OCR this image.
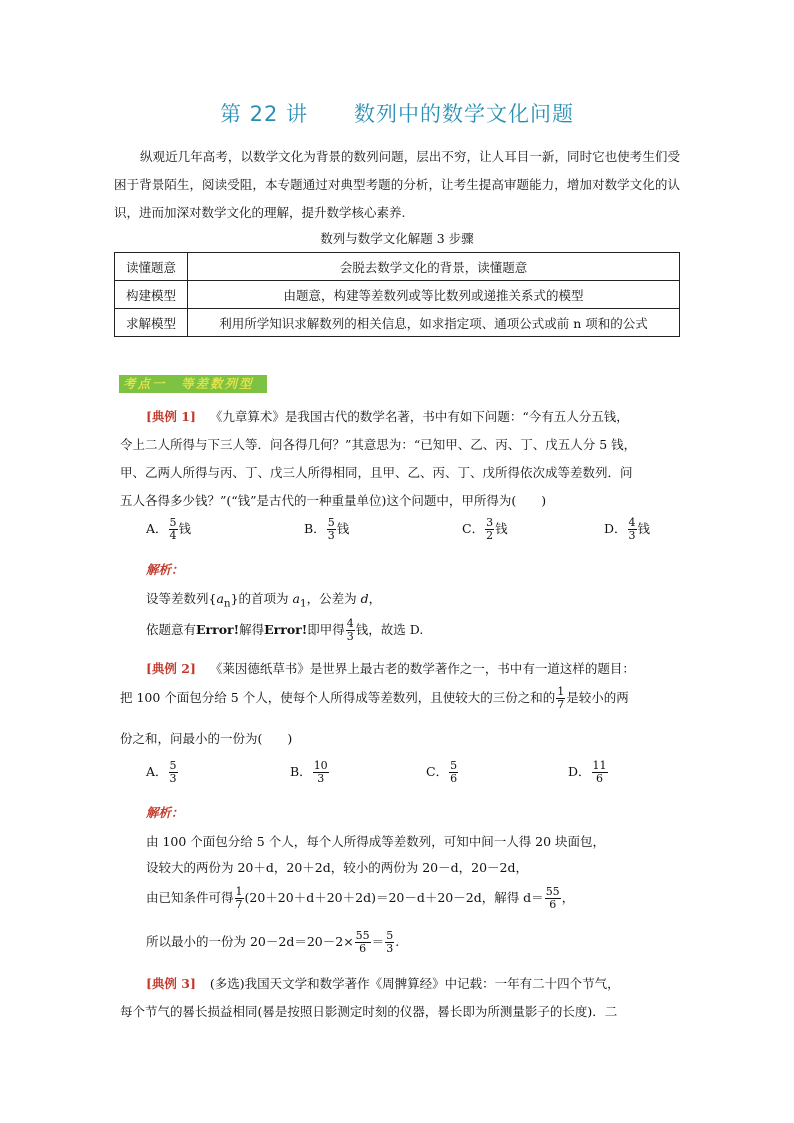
第 22 讲 数列中的数学文化问题
纵观近几年高考，以数学文化为背景的数列问题，层出不穷，让人耳目一新，同时它也使考生们受困于背景陌生，阅读受阻，本专题通过对典型考题的分析，让考生提高审题能力，增加对数学文化的认识，进而加深对数学文化的理解，提升数学核心素养.
数列与数学文化解题 3 步骤
读懂题意	会脱去数学文化的背景，读懂题意
构建模型	由题意，构建等差数列或等比数列或递推关系式的模型
求解模型	利用所学知识求解数列的相关信息，如求指定项、通项公式或前 n 项和的公式
考点一　等差数列型
[典例 1] 《九章算术》是我国古代的数学名著，书中有如下问题：“今有五人分五钱，
令上二人所得与下三人等．问各得几何？”其意思为：“已知甲、乙、丙、丁、戊五人分 5 钱，
甲、乙两人所得与丙、丁、戊三人所得相同，且甲、乙、丙、丁、戊所得依次成等差数列．问
五人各得多少钱？”(“钱”是古代的一种重量单位)这个问题中，甲所得为(　　)
A． $\frac{5}{4}$ 钱	B． $\frac{5}{3}$ 钱	C． $\frac{3}{2}$ 钱	D． $\frac{4}{3}$ 钱
解析：
设等差数列$\{a_n\}$的首项为 $a_1$，公差为 d，
依题意有Error!解得Error!即甲得 $\frac{4}{3}$ 钱，故选 D.
[典例 2] 《莱因德纸草书》是世界上最古老的数学著作之一，书中有一道这样的题目：
把 100 个面包分给 5 个人，使每个人所得成等差数列，且使较大的三份之和的 $\frac{1}{7}$ 是较小的两
份之和，问最小的一份为(　　)
A． $\frac{5}{3}$	B． $\frac{10}{3}$	C． $\frac{5}{6}$	D． $\frac{11}{6}$
解析：
由 100 个面包分给 5 个人，每个人所得成等差数列，可知中间一人得 20 块面包，
设较大的两份为 20＋d，20＋2d，较小的两份为 20－d，20－2d，
由已知条件可得 $\frac{1}{7} (20+20+d+20+2d)=20-d+20-2d$，解得 $d= \frac{55}{6}$ ，
所以最小的一份为 $20-2d=20-2\times \frac{55}{6} = \frac{5}{3}$ .
[典例 3] (多选)我国天文学和数学著作《周髀算经》中记载：一年有二十四个节气，
每个节气的晷长损益相同(晷是按照日影测定时刻的仪器，晷长即为所测量影子的长度)．二
